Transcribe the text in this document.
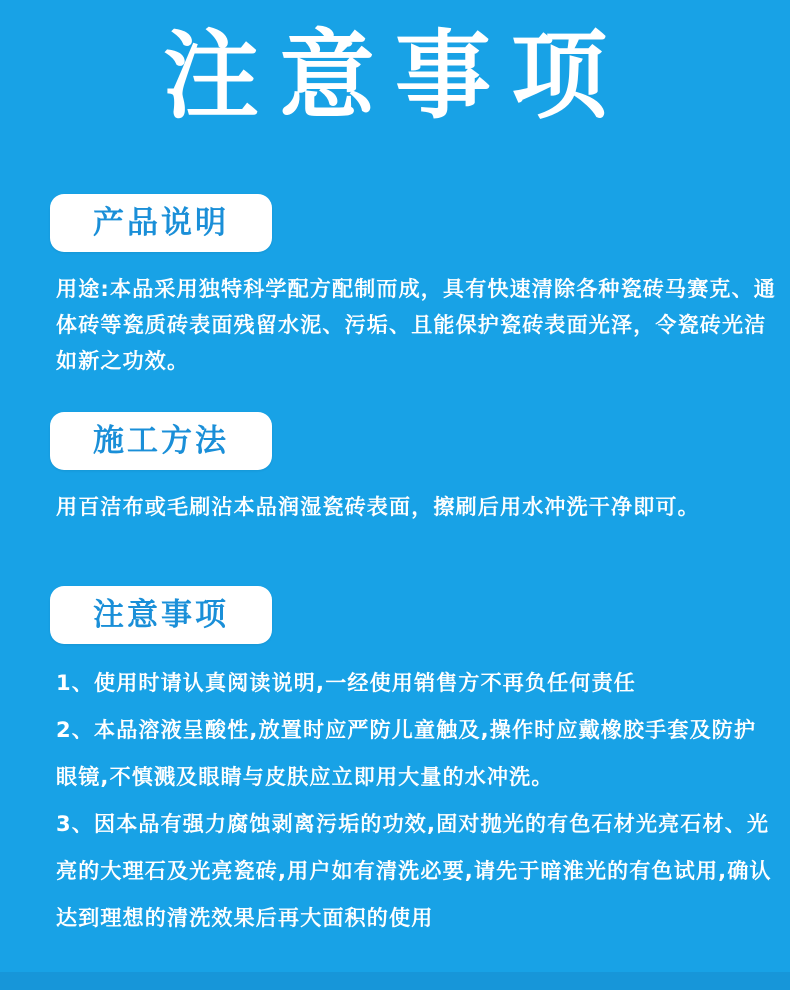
注意事项
产品说明
用途:本品采用独特科学配方配制而成，具有快速清除各种瓷砖马赛克、通体砖等瓷质砖表面残留水泥、污垢、且能保护瓷砖表面光泽，令瓷砖光洁如新之功效。
施工方法
用百洁布或毛刷沾本品润湿瓷砖表面，擦刷后用水冲洗干净即可。
注意事项
1、使用时请认真阅读说明,一经使用销售方不再负任何责任
2、本品溶液呈酸性,放置时应严防儿童触及,操作时应戴橡胶手套及防护眼镜,不慎溅及眼睛与皮肤应立即用大量的水冲洗。
3、因本品有强力腐蚀剥离污垢的功效,固对抛光的有色石材光亮石材、光亮的大理石及光亮瓷砖,用户如有清洗必要,请先于暗淮光的有色试用,确认达到理想的清洗效果后再大面积的使用
